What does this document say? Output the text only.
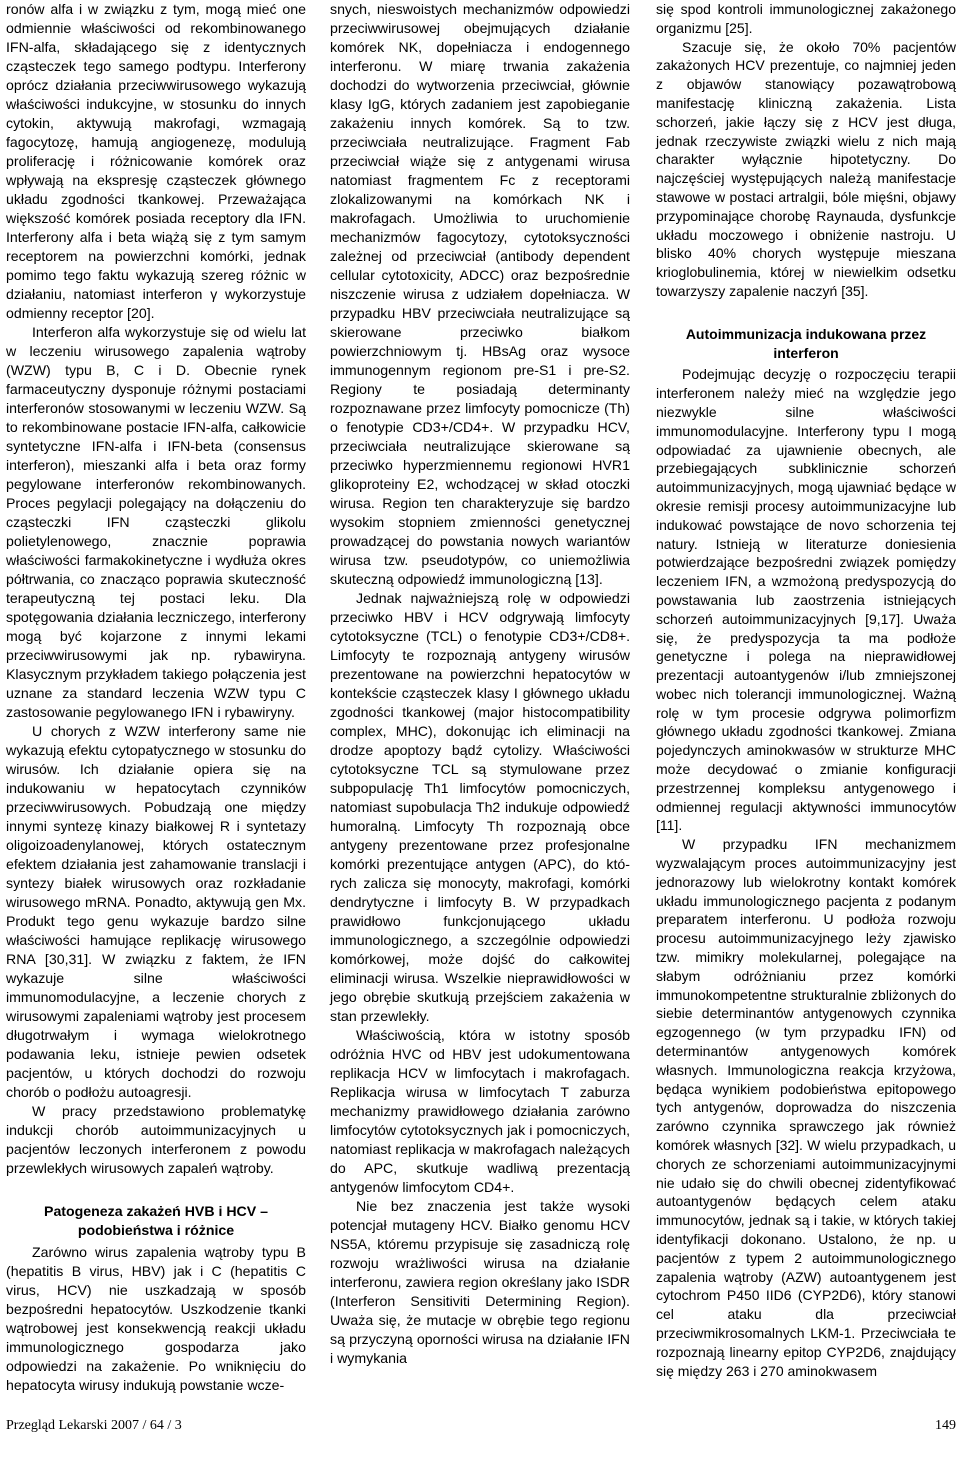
ronów alfa i w związku z tym, mogą mieć one odmiennie właściwości od rekombinowanego IFN-alfa, składającego się z identycznych cząsteczek tego samego podtypu. Interferony oprócz działania przeciwwirusowego wykazują właściwości indukcyjne, w stosunku do innych cytokin, aktywują makrofagi, wzmagają fagocytozę, hamują angiogenezę, modulują proliferację i różnicowanie komórek oraz wpływają na ekspresję cząsteczek głównego układu zgodności tkankowej. Przeważająca większość komórek posiada receptory dla IFN. Interferony alfa i beta wiążą się z tym samym receptorem na powierzchni komórki, jednak pomimo tego faktu wykazują szereg różnic w działaniu, natomiast interferon γ wykorzystuje odmienny receptor [20].

Interferon alfa wykorzystuje się od wielu lat w leczeniu wirusowego zapalenia wątroby (WZW) typu B, C i D. Obecnie rynek farmaceutyczny dysponuje różnymi postaciami interferonów stosowanymi w leczeniu WZW. Są to rekombinowane postacie IFN-alfa, całkowicie syntetyczne IFN-alfa i IFN-beta (consensus interferon), mieszanki alfa i beta oraz formy pegylowane interferonów rekombinowanych. Proces pegylacji polegający na dołączeniu do cząsteczki IFN cząsteczki glikolu polietylenowego, znacznie poprawia właściwości farmakokinetyczne i wydłuża okres półtrwania, co znacząco poprawia skuteczność terapeutyczną tej postaci leku. Dla spotęgowania działania leczniczego, interferony mogą być kojarzone z innymi lekami przeciwwirusowymi jak np. rybawiryna. Klasycznym przykładem takiego połączenia jest uznane za standard leczenia WZW typu C zastosowanie pegylowanego IFN i rybawiryny.

U chorych z WZW interferony same nie wykazują efektu cytopatycznego w stosunku do wirusów. Ich działanie opiera się na indukowaniu w hepatocytach czynników przeciwwirusowych. Pobudzają one między innymi syntezę kinazy białkowej R i syntetazy oligoizoadenylanowej, których ostatecznym efektem działania jest zahamowanie translacji i syntezy białek wirusowych oraz rozkładanie wirusowego mRNA. Ponadto, aktywują gen Mx. Produkt tego genu wykazuje bardzo silne właściwości hamujące replikację wirusowego RNA [30,31]. W związku z faktem, że IFN wykazuje silne właściwości immunomodulacyjne, a leczenie chorych z wirusowymi zapaleniami wątroby jest procesem długotrwałym i wymaga wielokrotnego podawania leku, istnieje pewien odsetek pacjentów, u których dochodzi do rozwoju chorób o podłożu autoagresji.

W pracy przedstawiono problematykę indukcji chorób autoimmunizacyjnych u pacjentów leczonych interferonem z powodu przewlekłych wirusowych zapaleń wątroby.

Patogeneza zakażeń HVB i HCV – podobieństwa i różnice

Zarówno wirus zapalenia wątroby typu B (hepatitis B virus, HBV) jak i C (hepatitis C virus, HCV) nie uszkadzają w sposób bezpośredni hepatocytów. Uszkodzenie tkanki wątrobowej jest konsekwencją reakcji układu immunologicznego gospodarza jako odpowiedzi na zakażenie. Po wniknięciu do hepatocyta wirusy indukują powstanie wcze-

snych, nieswoistych mechanizmów odpowiedzi przeciwwirusowej obejmujących działanie komórek NK, dopełniacza i endogennego interferonu. W miarę trwania zakażenia dochodzi do wytworzenia przeciwciał, głównie klasy IgG, których zadaniem jest zapobieganie zakażeniu innych komórek. Są to tzw. przeciwciała neutralizujące. Fragment Fab przeciwciał wiąże się z antygenami wirusa natomiast fragmentem Fc z receptorami zlokalizowanymi na komórkach NK i makrofagach. Umożliwia to uruchomienie mechanizmów fagocytozy, cytotoksyczności zależnej od przeciwciał (antibody dependent cellular cytotoxicity, ADCC) oraz bezpośrednie niszczenie wirusa z udziałem dopełniacza. W przypadku HBV przeciwciała neutralizujące są skierowane przeciwko białkom powierzchniowym tj. HBsAg oraz wysoce immunogennym regionom pre-S1 i pre-S2. Regiony te posiadają determinanty rozpoznawane przez limfocyty pomocnicze (Th) o fenotypie CD3+/CD4+. W przypadku HCV, przeciwciała neutralizujące skierowane są przeciwko hyperzmiennemu regionowi HVR1 glikoproteiny E2, wchodzącej w skład otoczki wirusa. Region ten charakteryzuje się bardzo wysokim stopniem zmienności genetycznej prowadzącej do powstania nowych wariantów wirusa tzw. pseudotypów, co uniemożliwia skuteczną odpowiedź immunologiczną [13].

Jednak najważniejszą rolę w odpowiedzi przeciwko HBV i HCV odgrywają limfocyty cytotoksyczne (TCL) o fenotypie CD3+/CD8+. Limfocyty te rozpoznają antygeny wirusów prezentowane na powierzchni hepatocytów w kontekście cząsteczek klasy I głównego układu zgodności tkankowej (major histocompatibility complex, MHC), dokonując ich eliminacji na drodze apoptozy bądź cytolizy. Właściwości cytotoksyczne TCL są stymulowane przez subpopulację Th1 limfocytów pomocniczych, natomiast supobulacja Th2 indukuje odpowiedź humoralną. Limfocyty Th rozpoznają obce antygeny prezentowane przez profesjonalne komórki prezentujące antygen (APC), do któ-rych zalicza się monocyty, makrofagi, komórki dendrytyczne i limfocyty B. W przypadkach prawidłowo funkcjonującego układu immunologicznego, a szczególnie odpowiedzi komórkowej, może dojść do całkowitej eliminacji wirusa. Wszelkie nieprawidłowości w jego obrębie skutkują przejściem zakażenia w stan przewlekły.

Właściwością, która w istotny sposób odróżnia HVC od HBV jest udokumentowana replikacja HCV w limfocytach i makrofagach. Replikacja wirusa w limfocytach T zaburza mechanizmy prawidłowego działania zarówno limfocytów cytotoksycznych jak i pomocniczych, natomiast replikacja w makrofagach należących do APC, skutkuje wadliwą prezentacją antygenów limfocytom CD4+.

Nie bez znaczenia jest także wysoki potencjał mutageny HCV. Białko genomu HCV NS5A, któremu przypisuje się zasadniczą rolę rozwoju wrażliwości wirusa na działanie interferonu, zawiera region określany jako ISDR (Interferon Sensitiviti Determining Region). Uważa się, że mutacje w obrębie tego regionu są przyczyną oporności wirusa na działanie IFN i wymykania

się spod kontroli immunologicznej zakażonego organizmu [25].

Szacuje się, że około 70% pacjentów zakażonych HCV prezentuje, co najmniej jeden z objawów stanowiący pozawątrobową manifestację kliniczną zakażenia. Lista schorzeń, jakie łączy się z HCV jest długa, jednak rzeczywiste związki wielu z nich mają charakter wyłącznie hipotetyczny. Do najczęściej występujących należą manifestacje stawowe w postaci artralgii, bóle mięśni, objawy przypominające chorobę Raynauda, dysfunkcje układu moczowego i obniżenie nastroju. U blisko 40% chorych występuje mieszana krioglobulinemia, której w niewielkim odsetku towarzyszy zapalenie naczyń [35].

Autoimmunizacja indukowana przez interferon

Podejmując decyzję o rozpoczęciu terapii interferonem należy mieć na względzie jego niezwykle silne właściwości immunomodulacyjne. Interferony typu I mogą odpowiadać za ujawnienie obecnych, ale przebiegających subklinicznie schorzeń autoimmunizacyjnych, mogą ujawniać będące w okresie remisji procesy autoimmunizacyjne lub indukować powstające de novo schorzenia tej natury. Istnieją w literaturze doniesienia potwierdzające bezpośredni związek pomiędzy leczeniem IFN, a wzmożoną predyspozycją do powstawania lub zaostrzenia istniejących schorzeń autoimmunizacyjnych [9,17]. Uważa się, że predyspozycja ta ma podłoże genetyczne i polega na nieprawidłowej prezentacji autoantygenów i/lub zmniejszonej wobec nich tolerancji immunologicznej. Ważną rolę w tym procesie odgrywa polimorfizm głównego układu zgodności tkankowej. Zmiana pojedynczych aminokwasów w strukturze MHC może decydować o zmianie konfiguracji przestrzennej kompleksu antygenowego i odmiennej regulacji aktywności immunocytów [11].

W przypadku IFN mechanizmem wyzwalającym proces autoimmunizacyjny jest jednorazowy lub wielokrotny kontakt komórek układu immunologicznego pacjenta z podanym preparatem interferonu. U podłoża rozwoju procesu autoimmunizacyjnego leży zjawisko tzw. mimikry molekularnej, polegające na słabym odróżnianiu przez komórki immunokompetentne strukturalnie zbliżonych do siebie determinantów antygenowych czynnika egzogennego (w tym przypadku IFN) od determinantów antygenowych komórek własnych. Immunologiczna reakcja krzyżowa, będąca wynikiem podobieństwa epitopowego tych antygenów, doprowadza do niszczenia zarówno czynnika sprawczego jak również komórek własnych [32]. W wielu przypadkach, u chorych ze schorzeniami autoimmunizacyjnymi nie udało się do chwili obecnej zidentyfikować autoantygenów będących celem ataku immunocytów, jednak są i takie, w których takiej identyfikacji dokonano. Ustalono, że np. u pacjentów z typem 2 autoimmunologicznego zapalenia wątroby (AZW) autoantygenem jest cytochrom P450 IID6 (CYP2D6), który stanowi cel ataku dla przeciwciał przeciwmikrosomalnych LKM-1. Przeciwciała te rozpoznają linearny epitop CYP2D6, znajdujący się między 263 i 270 aminokwasem

Przegląd Lekarski 2007 / 64 / 3	149
